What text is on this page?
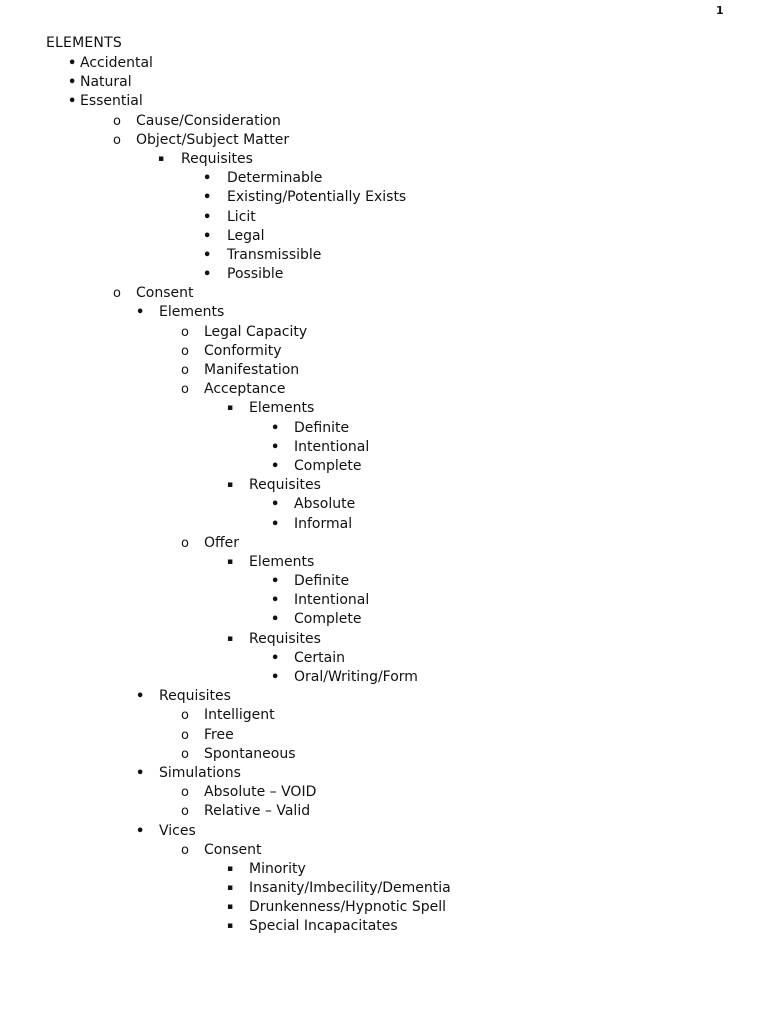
1
ELEMENTS
• Accidental
• Natural
• Essential
o Cause/Consideration
o Object/Subject Matter
▪ Requisites
• Determinable
• Existing/Potentially Exists
• Licit
• Legal
• Transmissible
• Possible
o Consent
• Elements
o Legal Capacity
o Conformity
o Manifestation
o Acceptance
▪ Elements
• Definite
• Intentional
• Complete
▪ Requisites
• Absolute
• Informal
o Offer
▪ Elements
• Definite
• Intentional
• Complete
▪ Requisites
• Certain
• Oral/Writing/Form
• Requisites
o Intelligent
o Free
o Spontaneous
• Simulations
o Absolute – VOID
o Relative – Valid
• Vices
o Consent
▪ Minority
▪ Insanity/Imbecility/Dementia
▪ Drunkenness/Hypnotic Spell
▪ Special Incapacitates
